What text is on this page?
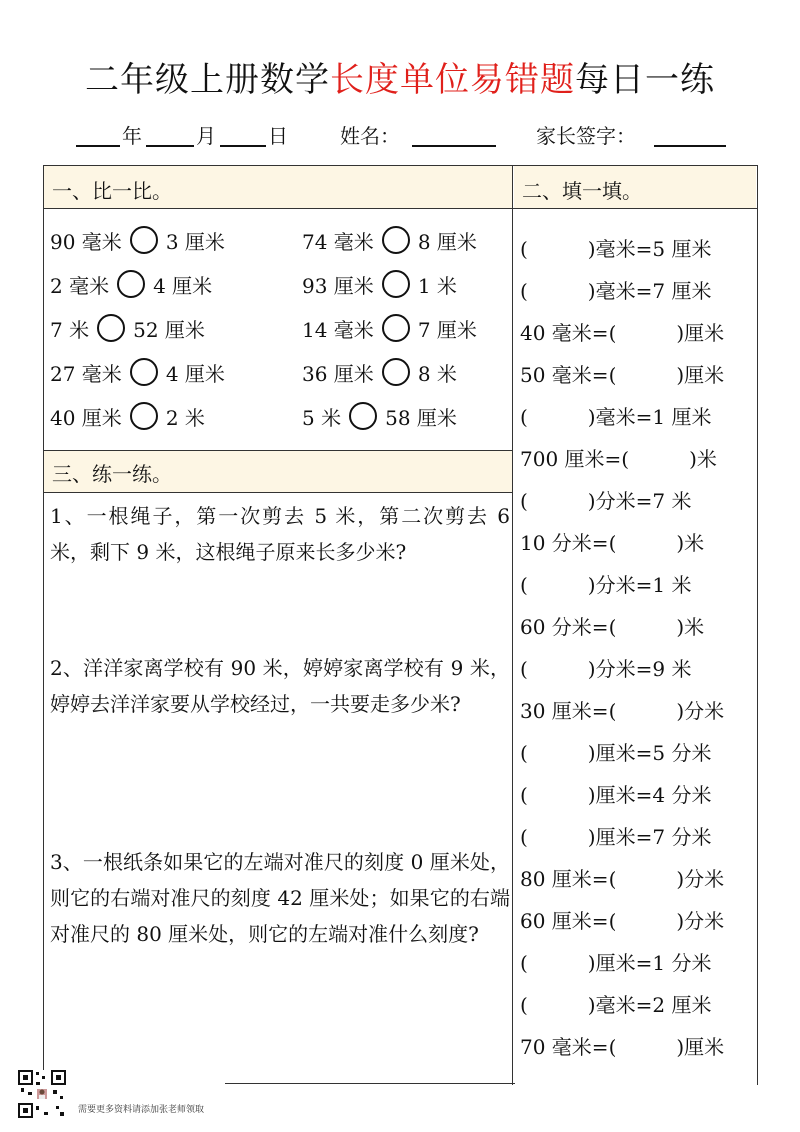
二年级上册数学长度单位易错题每日一练
年	月	日	姓名：	家长签字：
一、比一比。	二、填一填。
三、练一练。
90 毫米 3 厘米	74 毫米 8 厘米
2 毫米 4 厘米	93 厘米 1 米
7 米 52 厘米	14 毫米 7 厘米
27 毫米 4 厘米	36 厘米 8 米
40 厘米 2 米	5 米 58 厘米
(　　　)毫米=5 厘米
(　　　)毫米=7 厘米
40 毫米=(　　　)厘米
50 毫米=(　　　)厘米
(　　　)毫米=1 厘米
700 厘米=(　　　)米
(　　　)分米=7 米
10 分米=(　　　)米
(　　　)分米=1 米
60 分米=(　　　)米
(　　　)分米=9 米
30 厘米=(　　　)分米
(　　　)厘米=5 分米
(　　　)厘米=4 分米
(　　　)厘米=7 分米
80 厘米=(　　　)分米
60 厘米=(　　　)分米
(　　　)厘米=1 分米
(　　　)毫米=2 厘米
70 毫米=(　　　)厘米
1、一根绳子，第一次剪去 5 米，第二次剪去 6 米，剩下 9 米，这根绳子原来长多少米?
2、洋洋家离学校有 90 米，婷婷家离学校有 9 米，婷婷去洋洋家要从学校经过，一共要走多少米?
3、一根纸条如果它的左端对准尺的刻度 0 厘米处，则它的右端对准尺的刻度 42 厘米处；如果它的右端对准尺的 80 厘米处，则它的左端对准什么刻度?
需要更多资料请添加张老师领取
